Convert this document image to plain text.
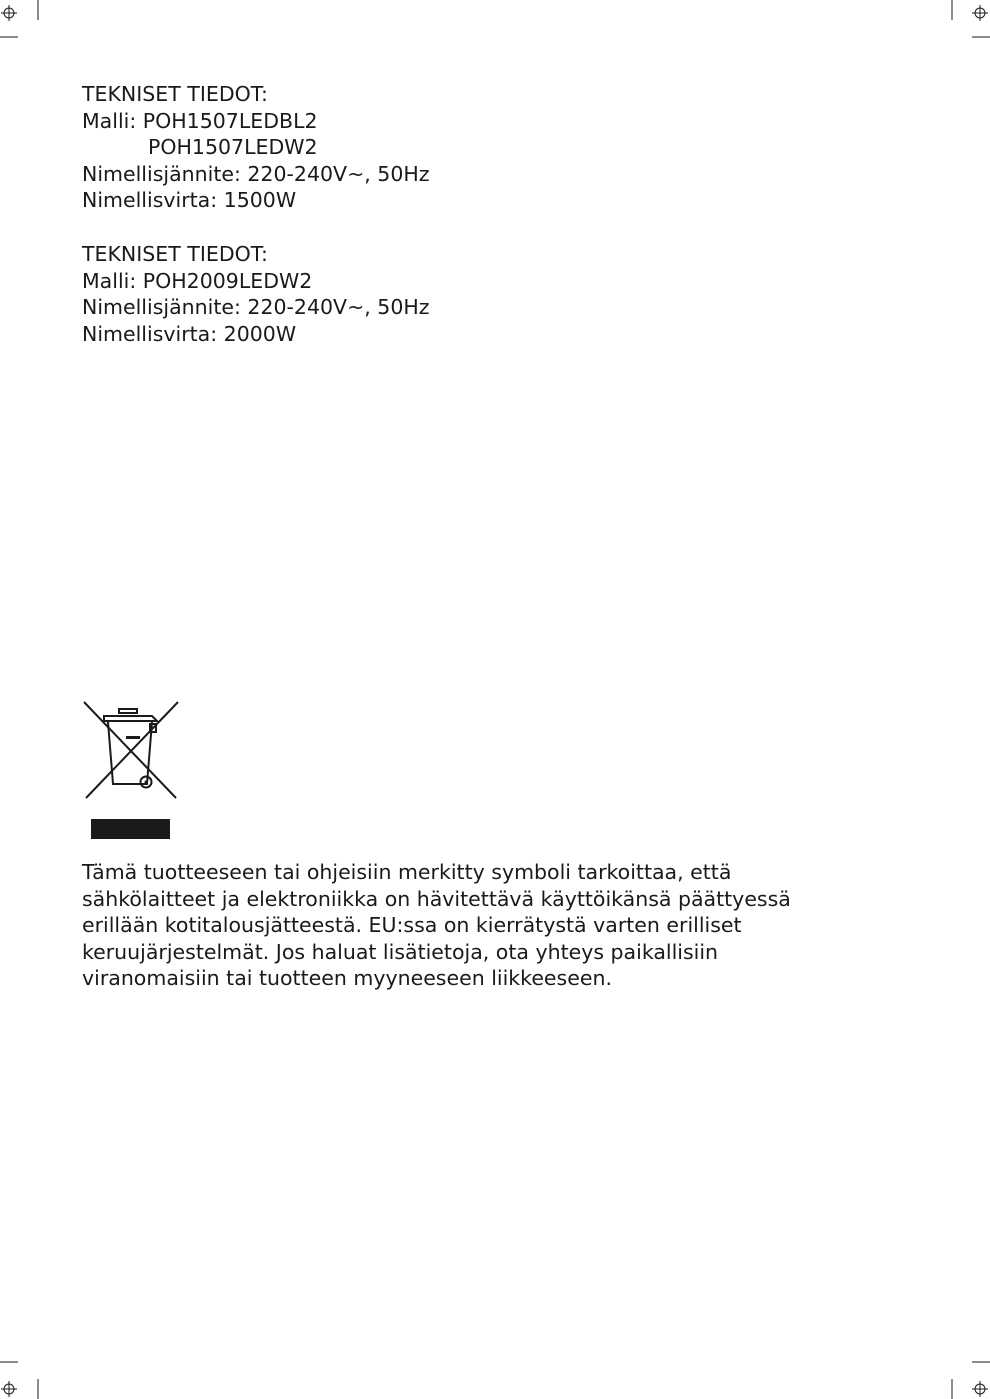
TEKNISET TIEDOT:
Malli: POH1507LEDBL2
POH1507LEDW2
Nimellisjännite: 220-240V~, 50Hz
Nimellisvirta: 1500W
TEKNISET TIEDOT:
Malli: POH2009LEDW2
Nimellisjännite: 220-240V~, 50Hz
Nimellisvirta: 2000W
Tämä tuotteeseen tai ohjeisiin merkitty symboli tarkoittaa, että
sähkölaitteet ja elektroniikka on hävitettävä käyttöikänsä päättyessä
erillään kotitalousjätteestä. EU:ssa on kierrätystä varten erilliset
keruujärjestelmät. Jos haluat lisätietoja, ota yhteys paikallisiin
viranomaisiin tai tuotteen myyneeseen liikkeeseen.
